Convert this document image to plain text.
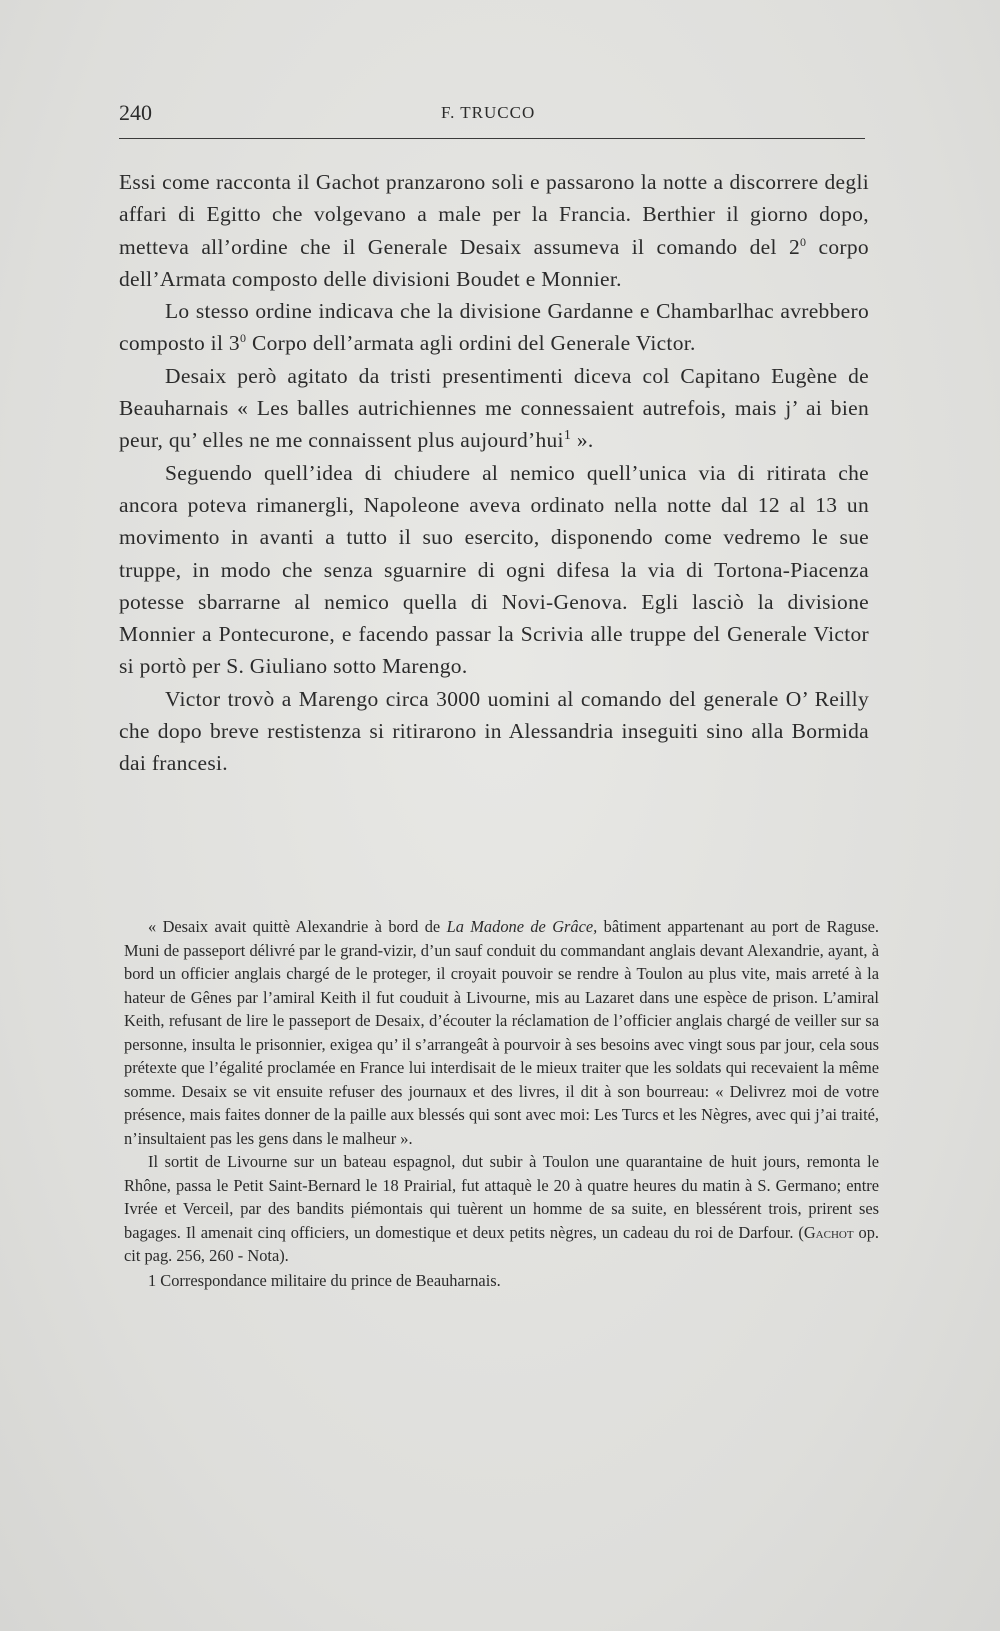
240	F. TRUCCO

Essi come racconta il Gachot pranzarono soli e passarono la notte a discorrere degli affari di Egitto che volgevano a male per la Francia. Berthier il giorno dopo, metteva all’ordine che il Generale Desaix assumeva il comando del $2^0$ corpo dell’Armata composto delle divisioni Boudet e Monnier.

Lo stesso ordine indicava che la divisione Gardanne e Chambarlhac avrebbero composto il $3^0$ Corpo dell’armata agli ordini del Generale Victor.

Desaix però agitato da tristi presentimenti diceva col Capitano Eugène de Beauharnais « Les balles autrichiennes me connessaient autrefois, mais j’ ai bien peur, qu’ elles ne me connaissent plus aujourd’hui$^1$ ».

Seguendo quell’idea di chiudere al nemico quell’unica via di ritirata che ancora poteva rimanergli, Napoleone aveva ordinato nella notte dal 12 al 13 un movimento in avanti a tutto il suo esercito, disponendo come vedremo le sue truppe, in modo che senza sguarnire di ogni difesa la via di Tortona-Piacenza potesse sbarrarne al nemico quella di Novi-Genova. Egli lasciò la divisione Monnier a Pontecurone, e facendo passar la Scrivia alle truppe del Generale Victor si portò per S. Giuliano sotto Marengo.

Victor trovò a Marengo circa 3000 uomini al comando del generale O’ Reilly che dopo breve restistenza si ritirarono in Alessandria inseguiti sino alla Bormida dai francesi.

« Desaix avait quittè Alexandrie à bord de La Madone de Grâce, bâtiment appartenant au port de Raguse. Muni de passeport délivré par le grand-vizir, d’un sauf conduit du commandant anglais devant Alexandrie, ayant, à bord un officier anglais chargé de le proteger, il croyait pouvoir se rendre à Toulon au plus vite, mais arreté à la hateur de Gênes par l’amiral Keith il fut couduit à Livourne, mis au Lazaret dans une espèce de prison. L’amiral Keith, refusant de lire le passeport de Desaix, d’écouter la réclamation de l’officier anglais chargé de veiller sur sa personne, insulta le prisonnier, exigea qu’ il s’arrangeât à pourvoir à ses besoins avec vingt sous par jour, cela sous prétexte que l’égalité proclamée en France lui interdisait de le mieux traiter que les soldats qui recevaient la même somme. Desaix se vit ensuite refuser des journaux et des livres, il dit à son bourreau: « Delivrez moi de votre présence, mais faites donner de la paille aux blessés qui sont avec moi: Les Turcs et les Nègres, avec qui j’ai traité, n’insultaient pas les gens dans le malheur ».

Il sortit de Livourne sur un bateau espagnol, dut subir à Toulon une quarantaine de huit jours, remonta le Rhône, passa le Petit Saint-Bernard le 18 Prairial, fut attaquè le 20 à quatre heures du matin à S. Germano; entre Ivrée et Verceil, par des bandits piémontais qui tuèrent un homme de sa suite, en blessérent trois, prirent ses bagages. Il amenait cinq officiers, un domestique et deux petits nègres, un cadeau du roi de Darfour. (Gachot op. cit pag. 256, 260 - Nota).

1 Correspondance militaire du prince de Beauharnais.
